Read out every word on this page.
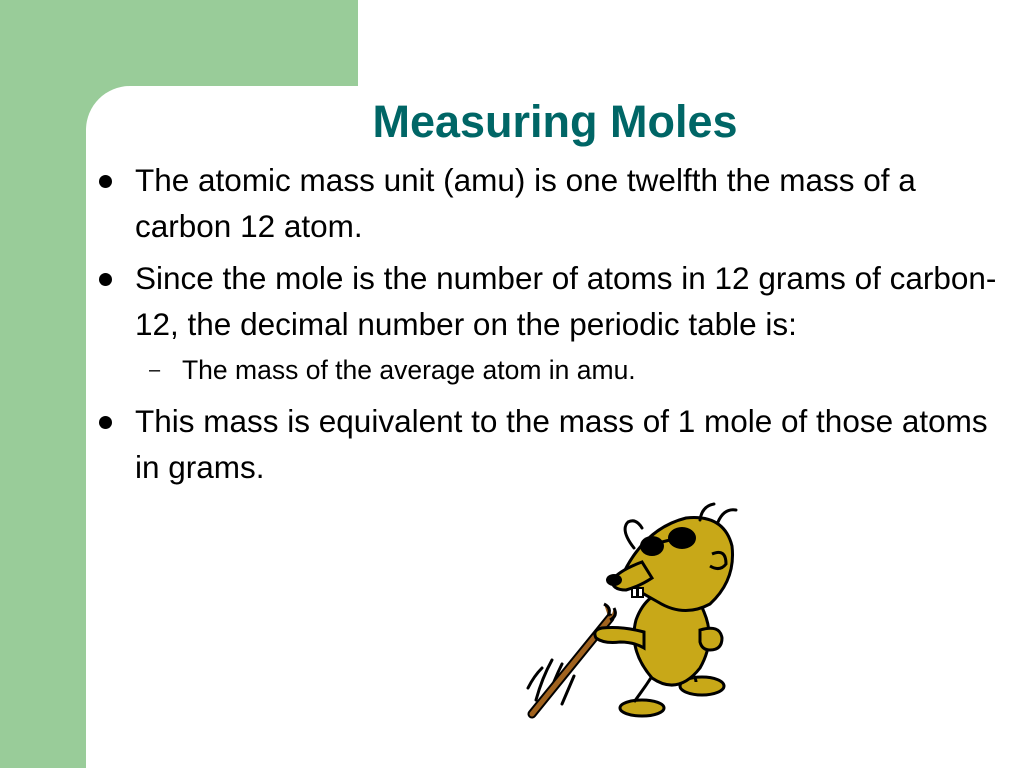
Measuring Moles
The atomic mass unit (amu) is one twelfth the mass of a carbon 12 atom.
Since the mole is the number of atoms in 12 grams of carbon-12, the decimal number on the periodic table is:
– The mass of the average atom in amu.
This mass is equivalent to the mass of 1 mole of those atoms in grams.
